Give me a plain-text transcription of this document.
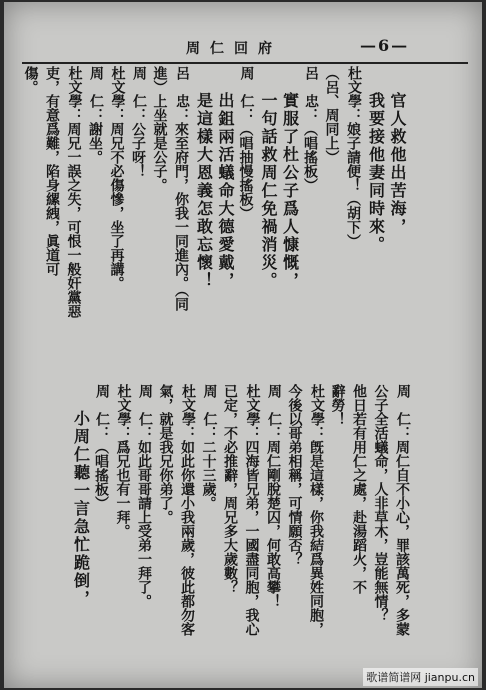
周仁回府	—6—
官人救他出苦海，
我要接他妻同時來。
杜文學：
娘子請便！（胡下）
（呂、周同上）
呂　忠：
（唱搖板）
實服了杜公子爲人慷慨，
一句話救周仁免禍消災。
周　仁：
（唱抽慢搖板）
出鉏兩活蟻命大德愛戴，
是這樣大恩義怎敢忘懷！
呂　忠：
來至府門，你我一同進內。（同
進）上坐就是公子。
周　仁：
公子呀！
杜文學：
周兄不必傷慘，坐了再講。
周　仁：
謝坐。
杜文學：
周兄一誤之失，可恨一般奸黨惡
吏，有意爲難，陷身縲絏，眞道可
傷。
周　仁：
周仁自不小心，罪該萬死，多蒙
公子全活蟻命，人非草木，豈能無情？
他日若有用仁之處，赴湯蹈火，不
辭勞！
杜文學：
旣是這樣，你我結爲異姓同胞，
今後以哥弟相稱，可情願否？
周　仁：
周仁剛脫楚囚，何敢高攀！
杜文學：
四海皆兄弟，一國盡同胞，我心
已定，不必推辭，周兄多大歲數？
周　仁：
二十三歲。
杜文學：
如此你還小我兩歲，彼此都勿客
氣，就是我兄你弟了。
周　仁：
如此哥哥請上受弟一拜了。
杜文學：
爲兄也有一拜。
周　仁：
（唱搖板）
小周仁聽一言急忙跪倒，
歌谱简谱网 jianpu.cn
